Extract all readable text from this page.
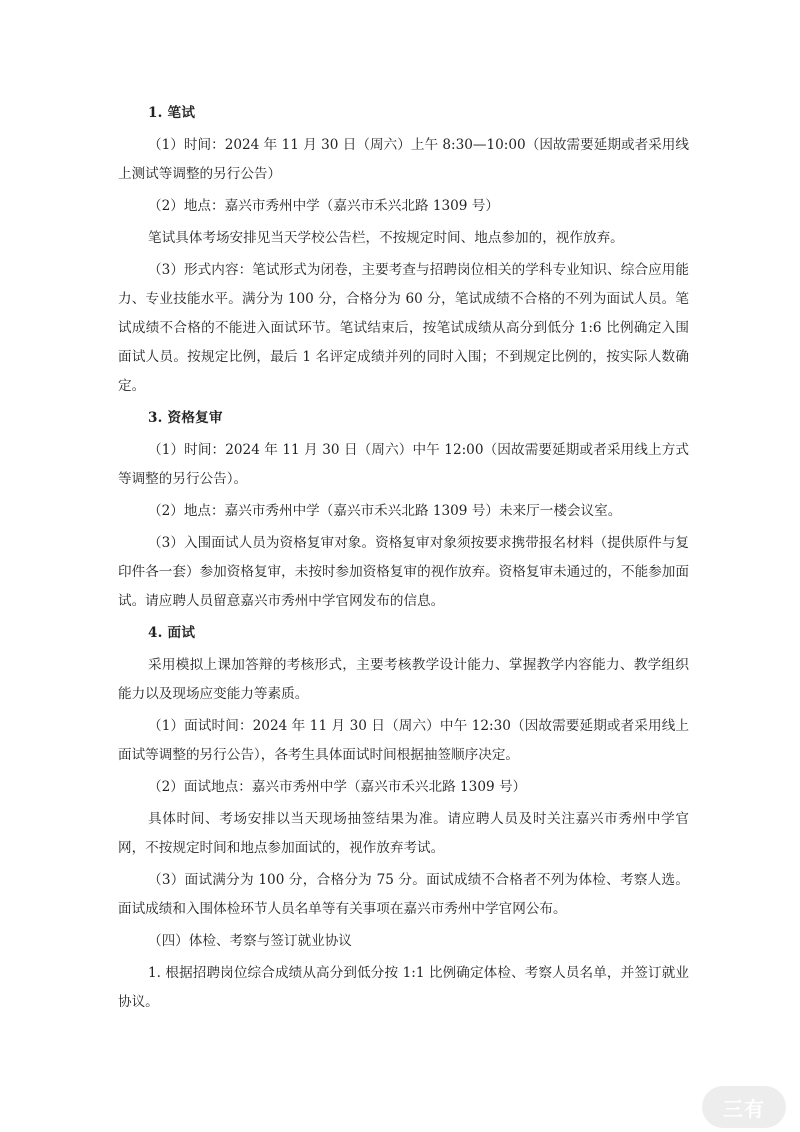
1. 笔试

（1）时间：2024 年 11 月 30 日（周六）上午 8:30—10:00（因故需要延期或者采用线上测试等调整的另行公告）

（2）地点：嘉兴市秀州中学（嘉兴市禾兴北路 1309 号）

笔试具体考场安排见当天学校公告栏，不按规定时间、地点参加的，视作放弃。

（3）形式内容：笔试形式为闭卷，主要考查与招聘岗位相关的学科专业知识、综合应用能力、专业技能水平。满分为 100 分，合格分为 60 分，笔试成绩不合格的不列为面试人员。笔试成绩不合格的不能进入面试环节。笔试结束后，按笔试成绩从高分到低分 1:6 比例确定入围面试人员。按规定比例，最后 1 名评定成绩并列的同时入围；不到规定比例的，按实际人数确定。

3. 资格复审

（1）时间：2024 年 11 月 30 日（周六）中午 12:00（因故需要延期或者采用线上方式等调整的另行公告）。

（2）地点：嘉兴市秀州中学（嘉兴市禾兴北路 1309 号）未来厅一楼会议室。

（3）入围面试人员为资格复审对象。资格复审对象须按要求携带报名材料（提供原件与复印件各一套）参加资格复审，未按时参加资格复审的视作放弃。资格复审未通过的，不能参加面试。请应聘人员留意嘉兴市秀州中学官网发布的信息。

4. 面试

采用模拟上课加答辩的考核形式，主要考核教学设计能力、掌握教学内容能力、教学组织能力以及现场应变能力等素质。

（1）面试时间：2024 年 11 月 30 日（周六）中午 12:30（因故需要延期或者采用线上面试等调整的另行公告），各考生具体面试时间根据抽签顺序决定。

（2）面试地点：嘉兴市秀州中学（嘉兴市禾兴北路 1309 号）

具体时间、考场安排以当天现场抽签结果为准。请应聘人员及时关注嘉兴市秀州中学官网，不按规定时间和地点参加面试的，视作放弃考试。

（3）面试满分为 100 分，合格分为 75 分。面试成绩不合格者不列为体检、考察人选。面试成绩和入围体检环节人员名单等有关事项在嘉兴市秀州中学官网公布。

（四）体检、考察与签订就业协议

1. 根据招聘岗位综合成绩从高分到低分按 1:1 比例确定体检、考察人员名单，并签订就业协议。

三有
